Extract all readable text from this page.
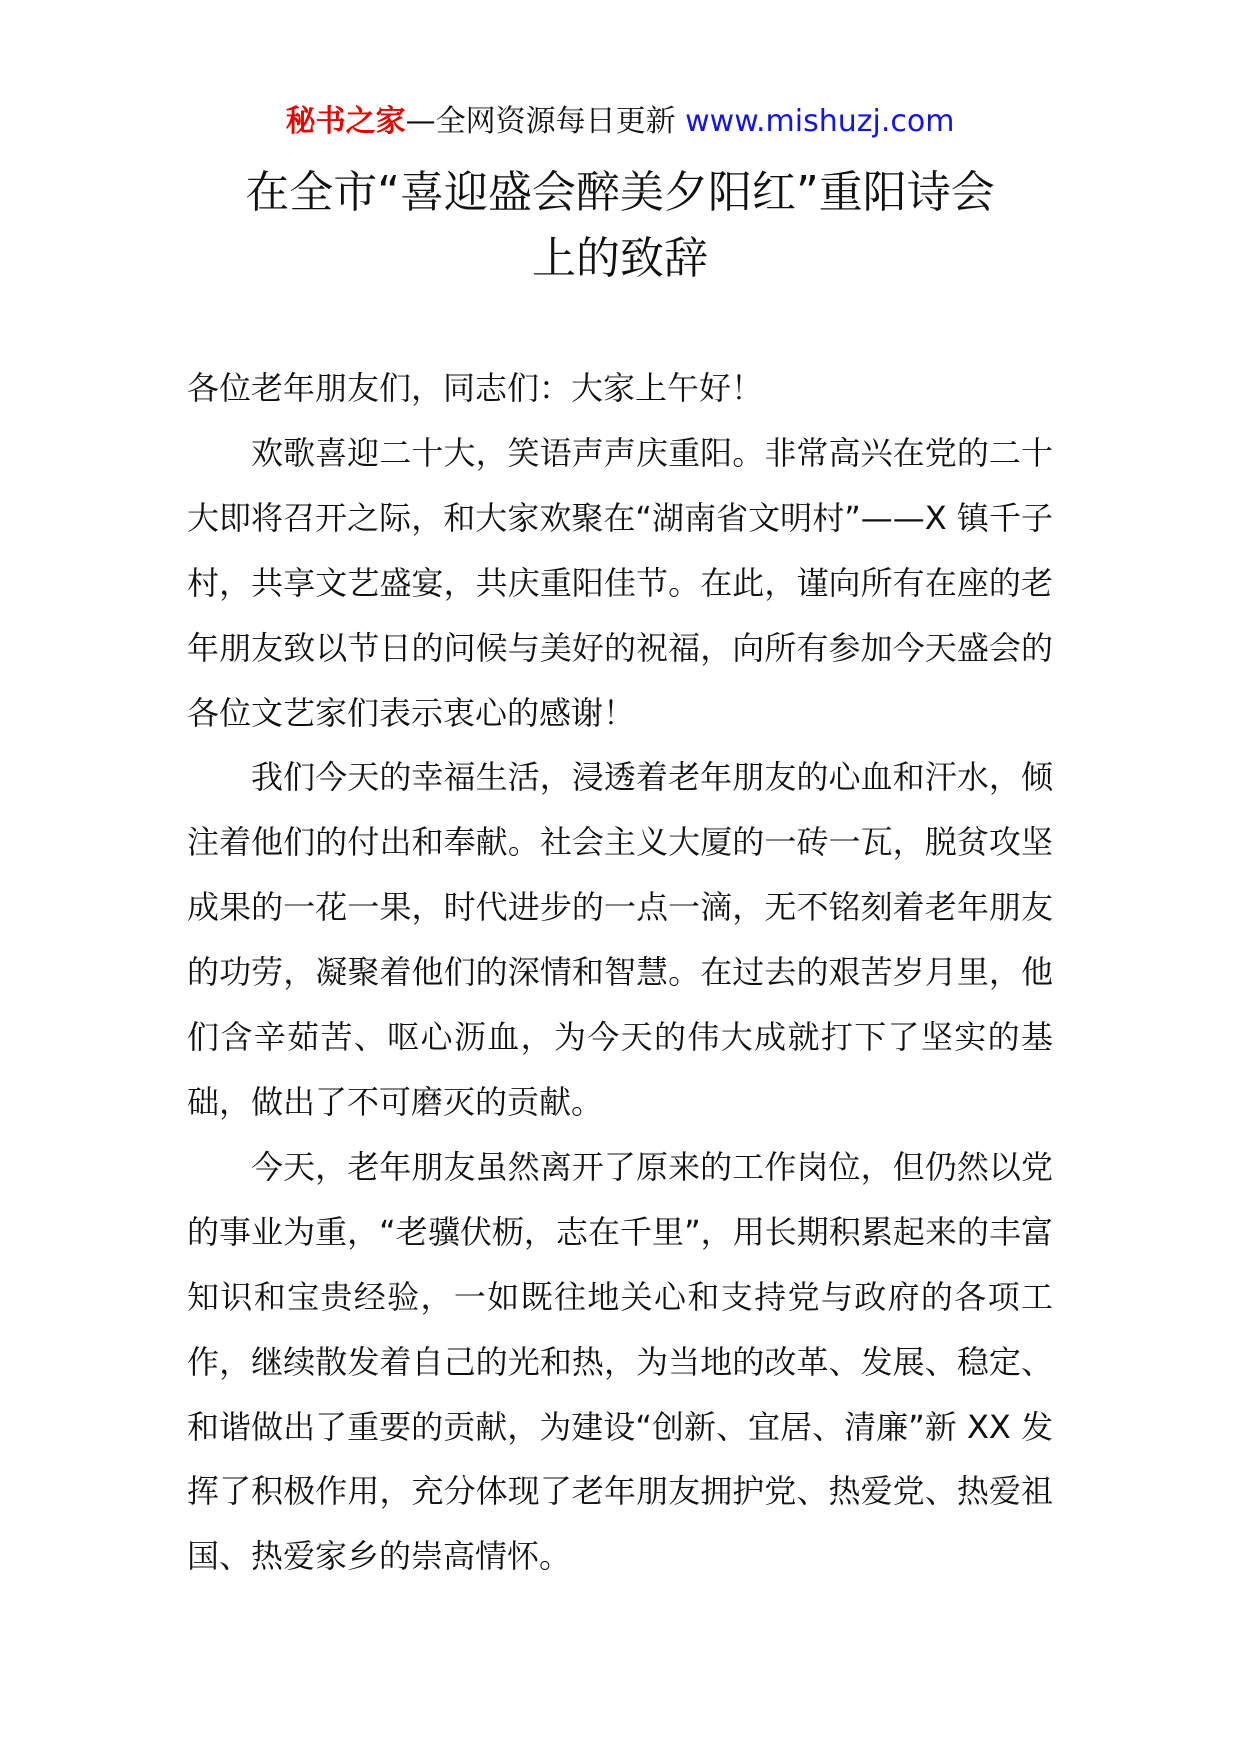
秘书之家—全网资源每日更新 www.mishuzj.com
在全市“喜迎盛会醉美夕阳红”重阳诗会
上的致辞

各位老年朋友们，同志们：大家上午好！

欢歌喜迎二十大，笑语声声庆重阳。非常高兴在党的二十大即将召开之际，和大家欢聚在“湖南省文明村”——X 镇千子村，共享文艺盛宴，共庆重阳佳节。在此，谨向所有在座的老年朋友致以节日的问候与美好的祝福，向所有参加今天盛会的各位文艺家们表示衷心的感谢！

我们今天的幸福生活，浸透着老年朋友的心血和汗水，倾注着他们的付出和奉献。社会主义大厦的一砖一瓦，脱贫攻坚成果的一花一果，时代进步的一点一滴，无不铭刻着老年朋友的功劳，凝聚着他们的深情和智慧。在过去的艰苦岁月里，他们含辛茹苦、呕心沥血，为今天的伟大成就打下了坚实的基础，做出了不可磨灭的贡献。

今天，老年朋友虽然离开了原来的工作岗位，但仍然以党的事业为重，“老骥伏枥，志在千里”，用长期积累起来的丰富知识和宝贵经验，一如既往地关心和支持党与政府的各项工作，继续散发着自己的光和热，为当地的改革、发展、稳定、和谐做出了重要的贡献，为建设“创新、宜居、清廉”新 XX 发挥了积极作用，充分体现了老年朋友拥护党、热爱党、热爱祖国、热爱家乡的崇高情怀。
